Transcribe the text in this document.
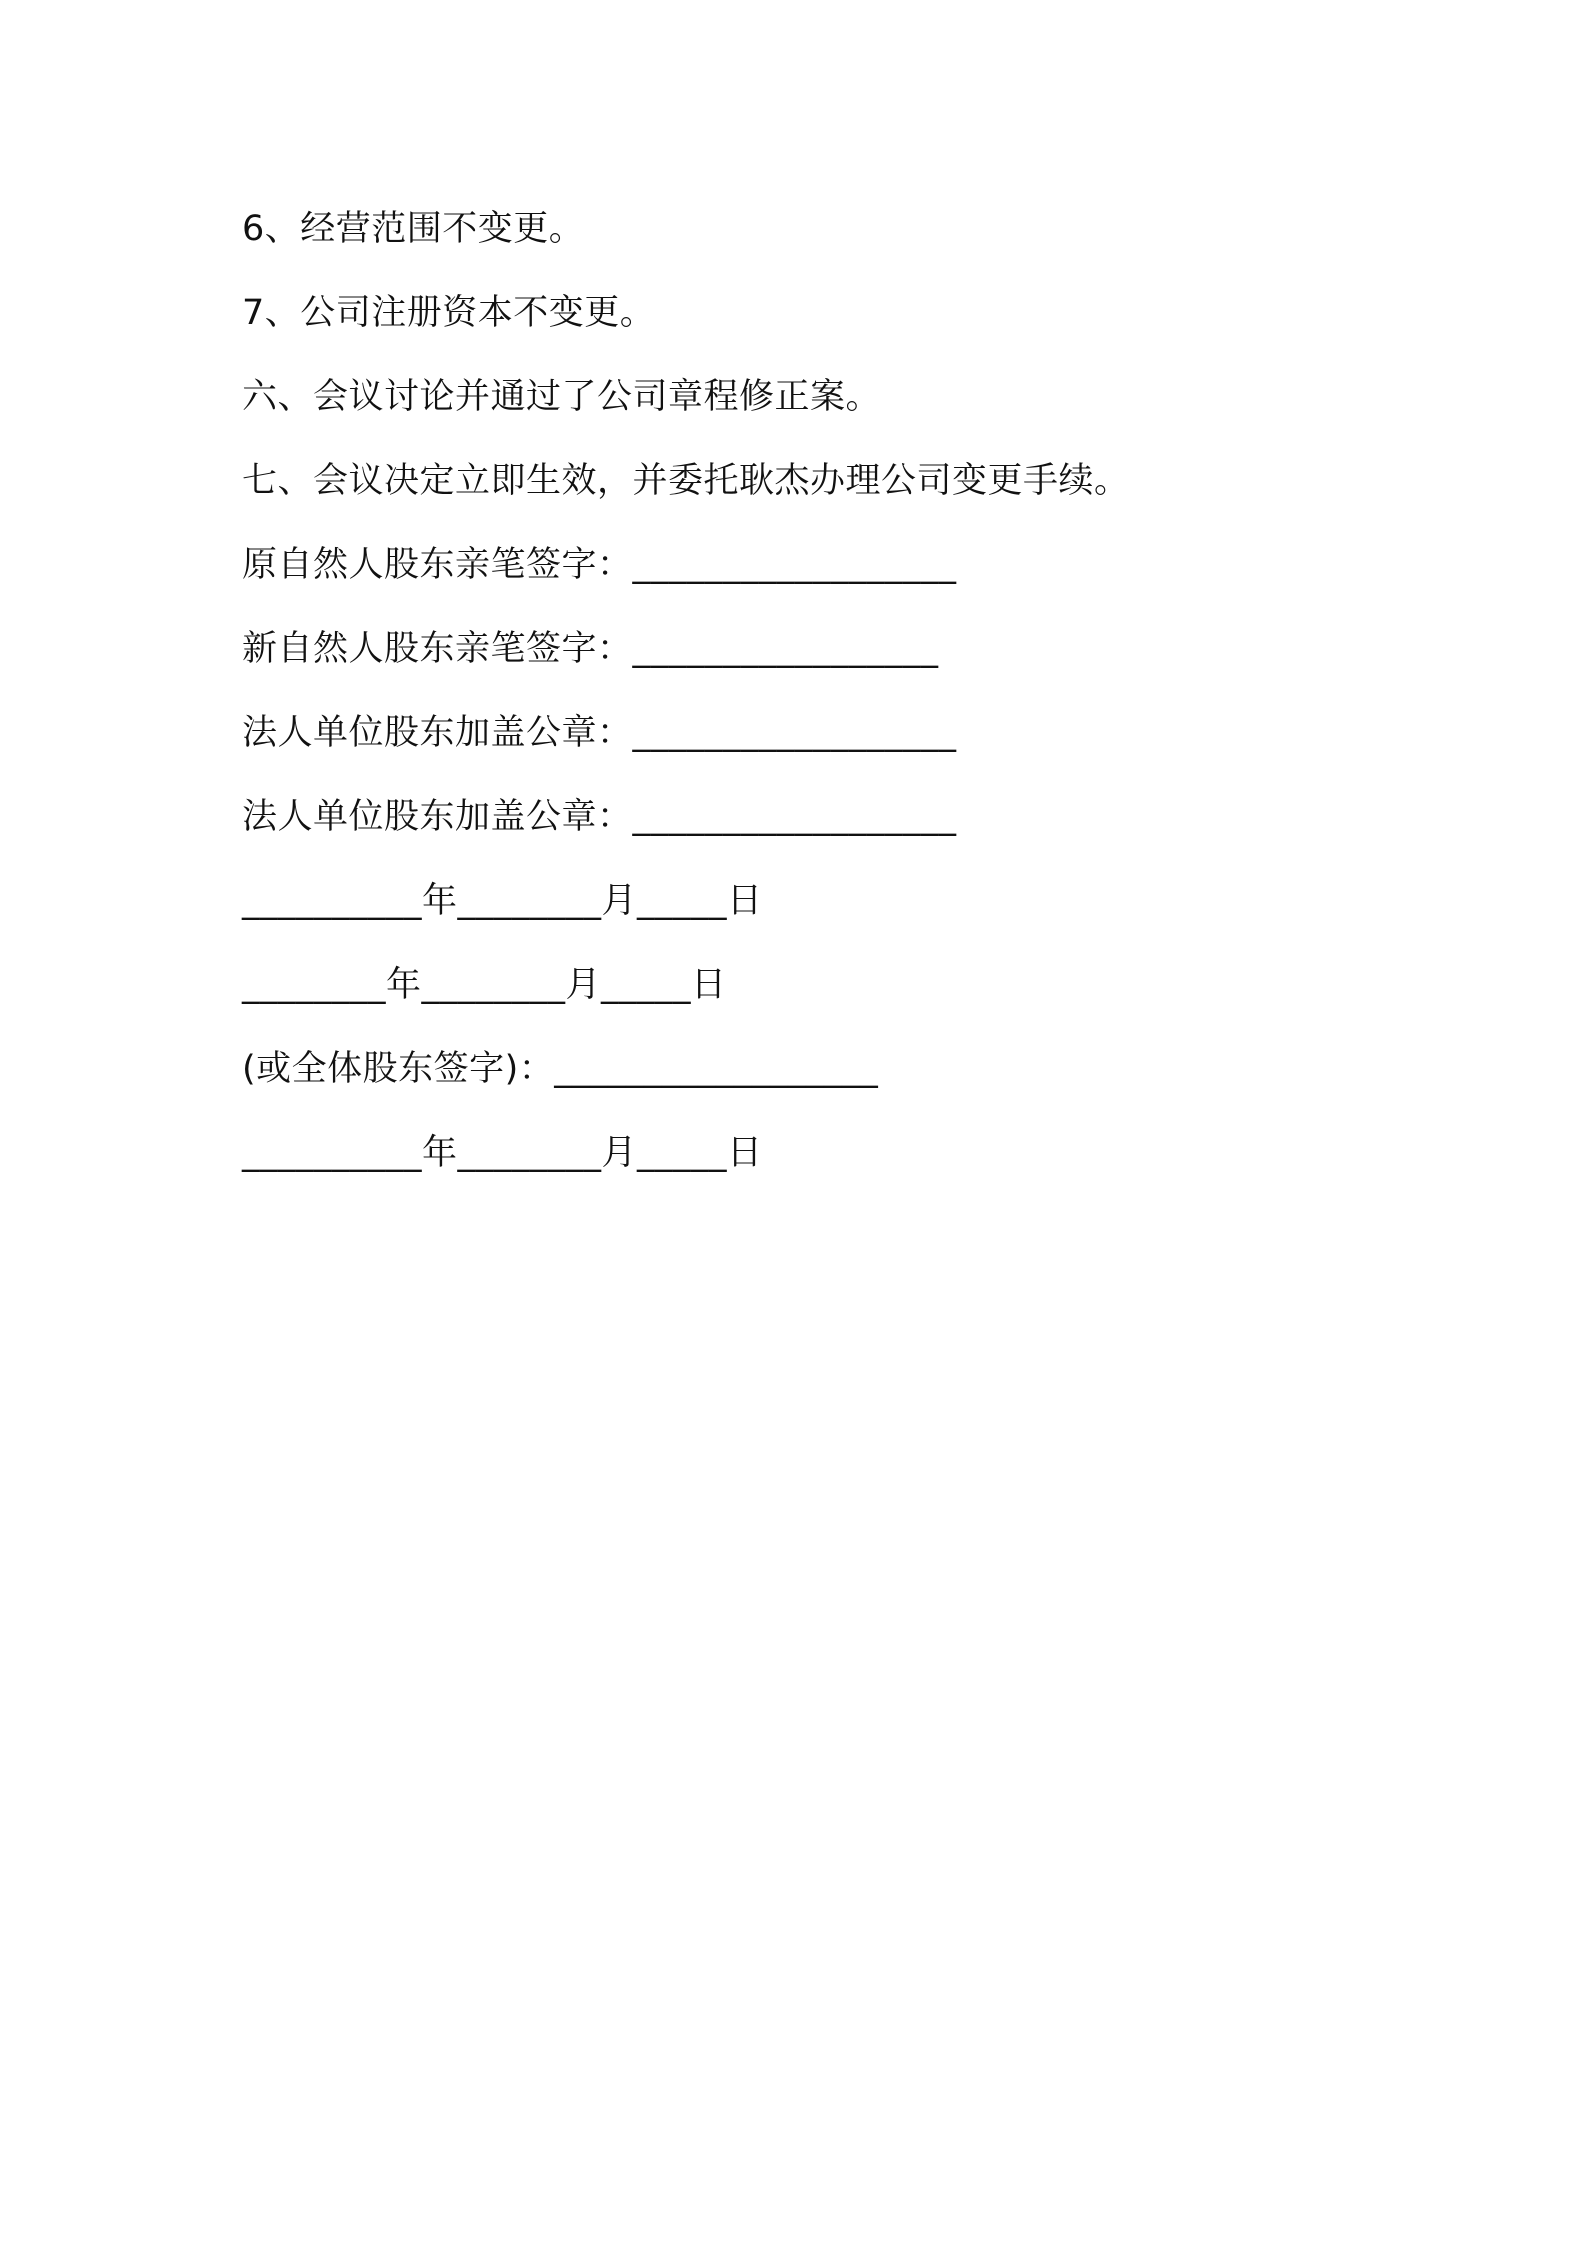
6、经营范围不变更。
7、公司注册资本不变更。
六、会议讨论并通过了公司章程修正案。
七、会议决定立即生效，并委托耿杰办理公司变更手续。
原自然人股东亲笔签字：__________________
新自然人股东亲笔签字：_________________
法人单位股东加盖公章：__________________
法人单位股东加盖公章：__________________
__________年________月_____日
________年________月_____日
(或全体股东签字)：__________________
__________年________月_____日
